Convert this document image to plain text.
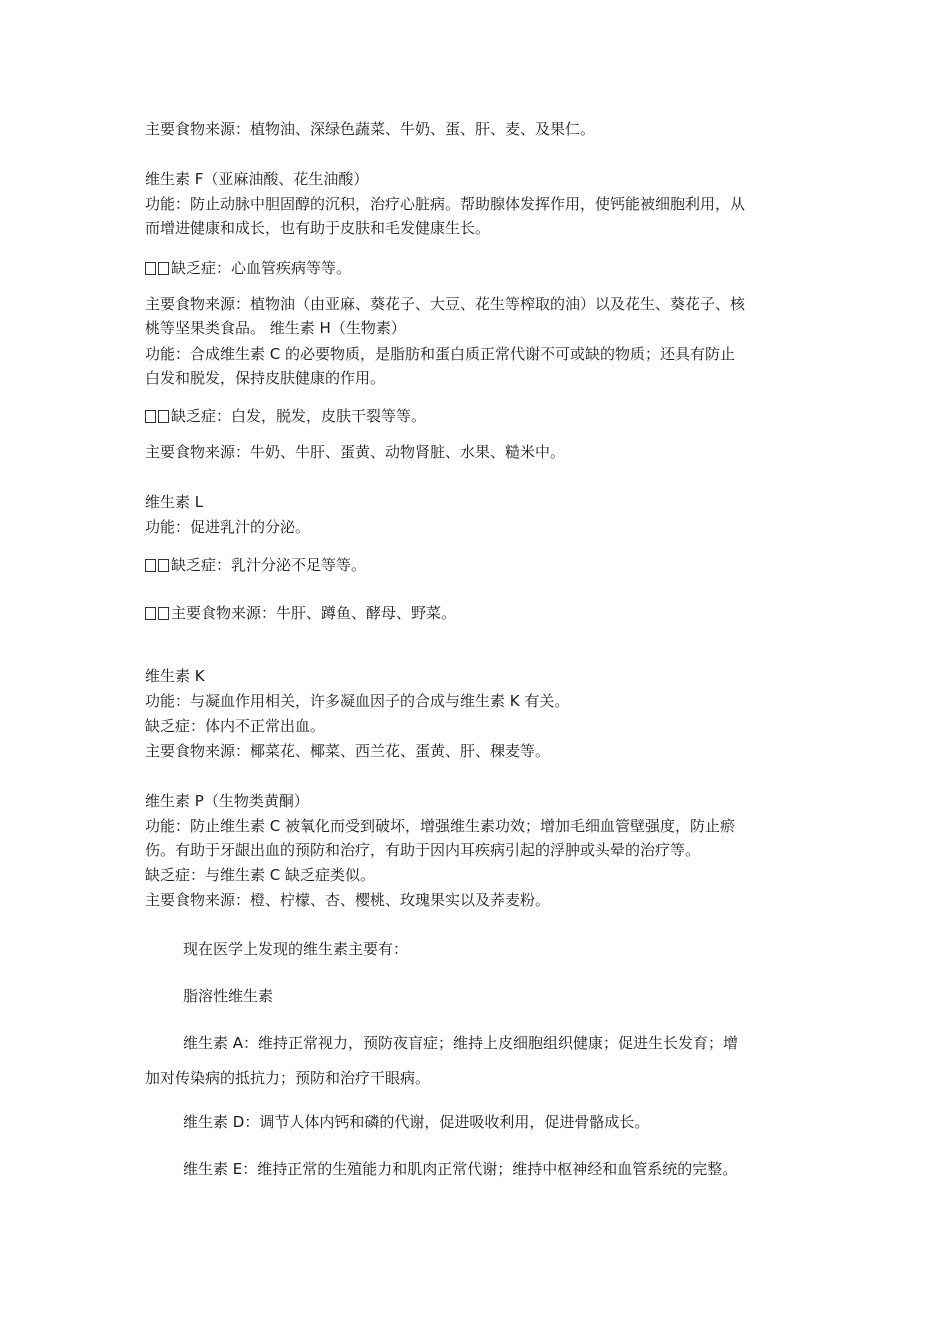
主要食物来源：植物油、深绿色蔬菜、牛奶、蛋、肝、麦、及果仁。
维生素 F（亚麻油酸、花生油酸）
功能：防止动脉中胆固醇的沉积，治疗心脏病。帮助腺体发挥作用，使钙能被细胞利用，从
而增进健康和成长，也有助于皮肤和毛发健康生长。
缺乏症：心血管疾病等等。
主要食物来源：植物油（由亚麻、葵花子、大豆、花生等榨取的油）以及花生、葵花子、核
桃等坚果类食品。 维生素 H（生物素）
功能：合成维生素 C 的必要物质，是脂肪和蛋白质正常代谢不可或缺的物质；还具有防止
白发和脱发，保持皮肤健康的作用。
缺乏症：白发，脱发，皮肤干裂等等。
主要食物来源：牛奶、牛肝、蛋黄、动物肾脏、水果、糙米中。
维生素 L
功能：促进乳汁的分泌。
缺乏症：乳汁分泌不足等等。
主要食物来源：牛肝、蹲鱼、酵母、野菜。
维生素 K
功能：与凝血作用相关，许多凝血因子的合成与维生素 K 有关。
缺乏症：体内不正常出血。
主要食物来源：椰菜花、椰菜、西兰花、蛋黄、肝、稞麦等。
维生素 P（生物类黄酮）
功能：防止维生素 C 被氧化而受到破坏，增强维生素功效；增加毛细血管壁强度，防止瘀
伤。有助于牙龈出血的预防和治疗，有助于因内耳疾病引起的浮肿或头晕的治疗等。
缺乏症：与维生素 C 缺乏症类似。
主要食物来源：橙、柠檬、杏、樱桃、玫瑰果实以及荞麦粉。
现在医学上发现的维生素主要有：
脂溶性维生素
维生素 A：维持正常视力，预防夜盲症；维持上皮细胞组织健康；促进生长发育；增
加对传染病的抵抗力；预防和治疗干眼病。
维生素 D：调节人体内钙和磷的代谢，促进吸收利用，促进骨骼成长。
维生素 E：维持正常的生殖能力和肌肉正常代谢；维持中枢神经和血管系统的完整。
